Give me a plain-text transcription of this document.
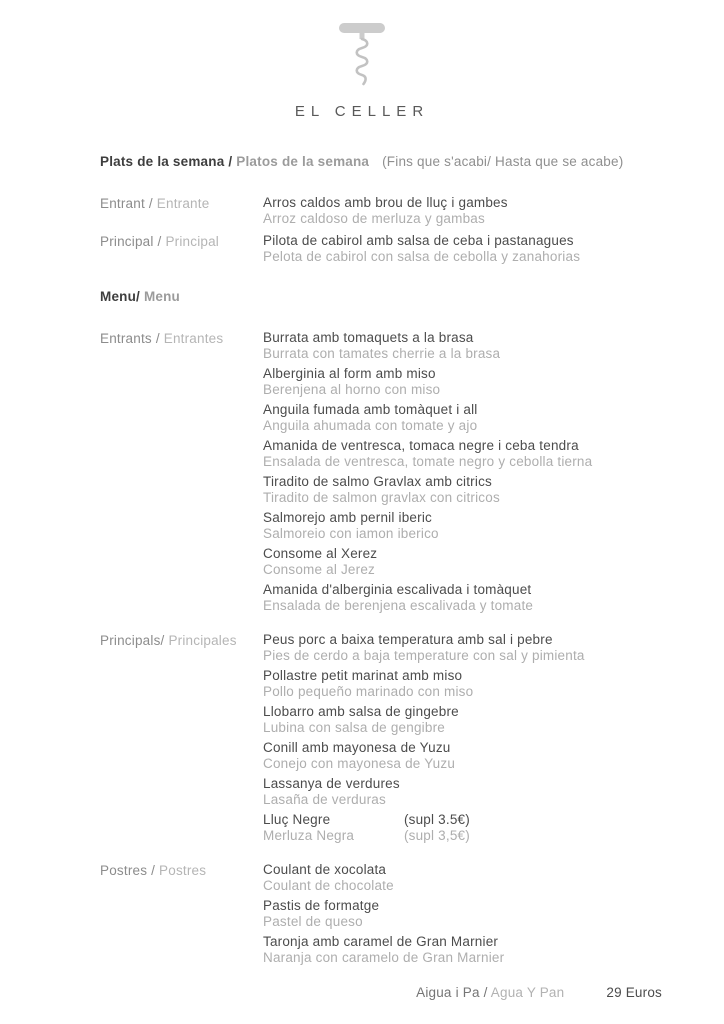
EL CELLER
Plats de la semana / Platos de la semana (Fins que s'acabi/ Hasta que se acabe)
Entrant / Entrante	Arros caldos amb brou de lluç i gambes
Arroz caldoso de merluza y gambas
Principal / Principal	Pilota de cabirol amb salsa de ceba i pastanagues
Pelota de cabirol con salsa de cebolla y zanahorias
Menu/ Menu
Entrants / Entrantes	Burrata amb tomaquets a la brasa
Burrata con tamates cherrie a la brasa
Alberginia al form amb miso
Berenjena al horno con miso
Anguila fumada amb tomàquet i all
Anguila ahumada con tomate y ajo
Amanida de ventresca, tomaca negre i ceba tendra
Ensalada de ventresca, tomate negro y cebolla tierna
Tiradito de salmo Gravlax amb citrics
Tiradito de salmon gravlax con citricos
Salmorejo amb pernil iberic
Salmoreio con iamon iberico
Consome al Xerez
Consome al Jerez
Amanida d'alberginia escalivada i tomàquet
Ensalada de berenjena escalivada y tomate
Principals/ Principales	Peus porc a baixa temperatura amb sal i pebre
Pies de cerdo a baja temperature con sal y pimienta
Pollastre petit marinat amb miso
Pollo pequeño marinado con miso
Llobarro amb salsa de gingebre
Lubina con salsa de gengibre
Conill amb mayonesa de Yuzu
Conejo con mayonesa de Yuzu
Lassanya de verdures
Lasaña de verduras
Lluç Negre	(supl 3.5€)
Merluza Negra	(supl 3,5€)
Postres / Postres	Coulant de xocolata
Coulant de chocolate
Pastis de formatge
Pastel de queso
Taronja amb caramel de Gran Marnier
Naranja con caramelo de Gran Marnier
Aigua i Pa / Agua Y Pan	29 Euros
